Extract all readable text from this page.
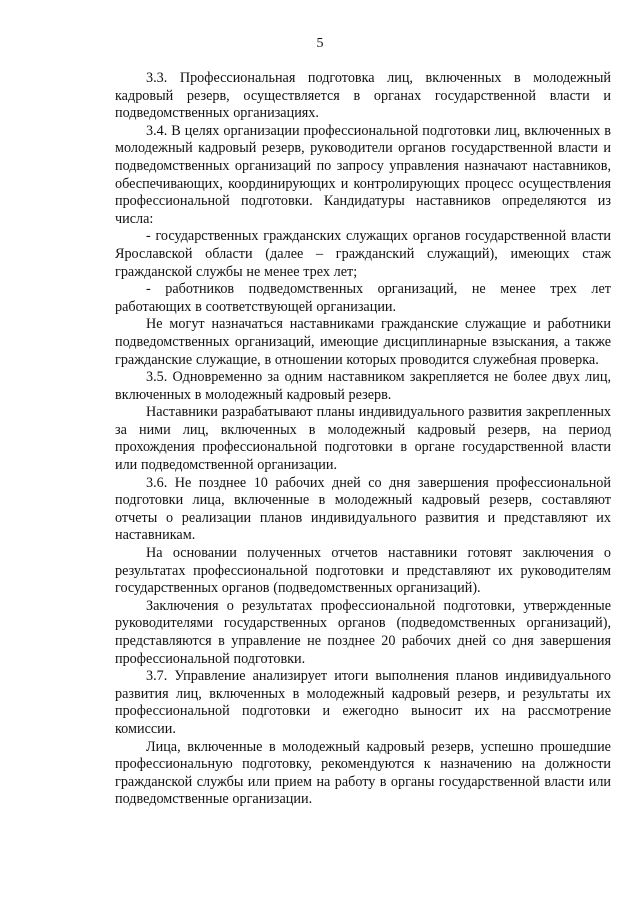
5

3.3. Профессиональная подготовка лиц, включенных в молодежный кадровый резерв, осуществляется в органах государственной власти и подведомственных организациях.

3.4. В целях организации профессиональной подготовки лиц, включенных в молодежный кадровый резерв, руководители органов государственной власти и подведомственных организаций по запросу управления назначают наставников, обеспечивающих, координирующих и контролирующих процесс осуществления профессиональной подготовки. Кандидатуры наставников определяются из числа:

- государственных гражданских служащих органов государственной власти Ярославской области (далее – гражданский служащий), имеющих стаж гражданской службы не менее трех лет;

- работников подведомственных организаций, не менее трех лет работающих в соответствующей организации.

Не могут назначаться наставниками гражданские служащие и работники подведомственных организаций, имеющие дисциплинарные взыскания, а также гражданские служащие, в отношении которых проводится служебная проверка.

3.5. Одновременно за одним наставником закрепляется не более двух лиц, включенных в молодежный кадровый резерв.

Наставники разрабатывают планы индивидуального развития закрепленных за ними лиц, включенных в молодежный кадровый резерв, на период прохождения профессиональной подготовки в органе государственной власти или подведомственной организации.

3.6. Не позднее 10 рабочих дней со дня завершения профессиональной подготовки лица, включенные в молодежный кадровый резерв, составляют отчеты о реализации планов индивидуального развития и представляют их наставникам.

На основании полученных отчетов наставники готовят заключения о результатах профессиональной подготовки и представляют их руководителям государственных органов (подведомственных организаций).

Заключения о результатах профессиональной подготовки, утвержденные руководителями государственных органов (подведомственных организаций), представляются в управление не позднее 20 рабочих дней со дня завершения профессиональной подготовки.

3.7. Управление анализирует итоги выполнения планов индивидуального развития лиц, включенных в молодежный кадровый резерв, и результаты их профессиональной подготовки и ежегодно выносит их на рассмотрение комиссии.

Лица, включенные в молодежный кадровый резерв, успешно прошедшие профессиональную подготовку, рекомендуются к назначению на должности гражданской службы или прием на работу в органы государственной власти или подведомственные организации.
